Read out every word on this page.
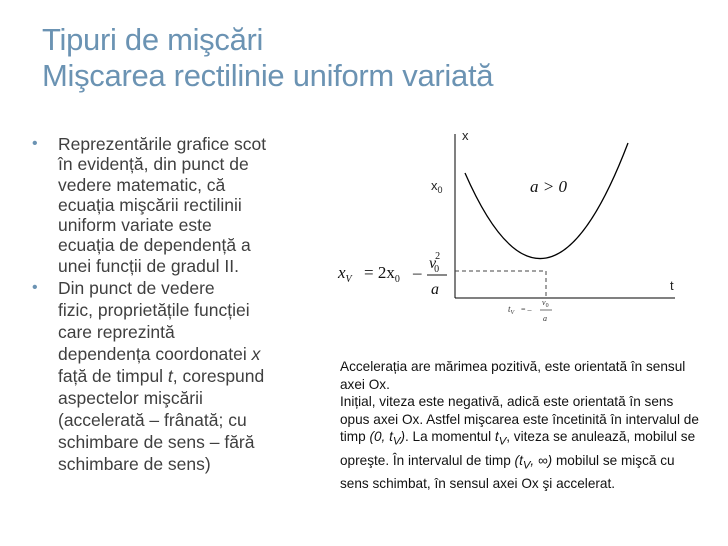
Tipuri de mişcări
Mişcarea rectilinie uniform variată
• Reprezentările grafice scot
în evidență, din punct de
vedere matematic, că
ecuația mişcării rectilinii
uniform variate este
ecuația de dependență a
unei funcții de gradul II.
• Din punct de vedere
fizic, proprietățile funcției
care reprezintă
dependența coordonatei x
față de timpul t, corespund
aspectelor mişcării
(accelerată – frânată; cu
schimbare de sens – fără
schimbare de sens)
x
t
$x_0$	a > 0
$x_V = 2x_0 - v2$ 0
a
$t_V$ = –
$v_0$
a

Accelerația are mărimea pozitivă, este orientată în sensul axei Ox.

Inițial, viteza este negativă, adică este orientată în sens opus axei Ox. Astfel mişcarea este încetinită în intervalul de timp (0, $t_V$). La momentul $t_V$, viteza se anulează, mobilul se opreşte. În intervalul de timp ($t_V$, ∞) mobilul se mişcă cu sens schimbat, în sensul axei Ox şi accelerat.
